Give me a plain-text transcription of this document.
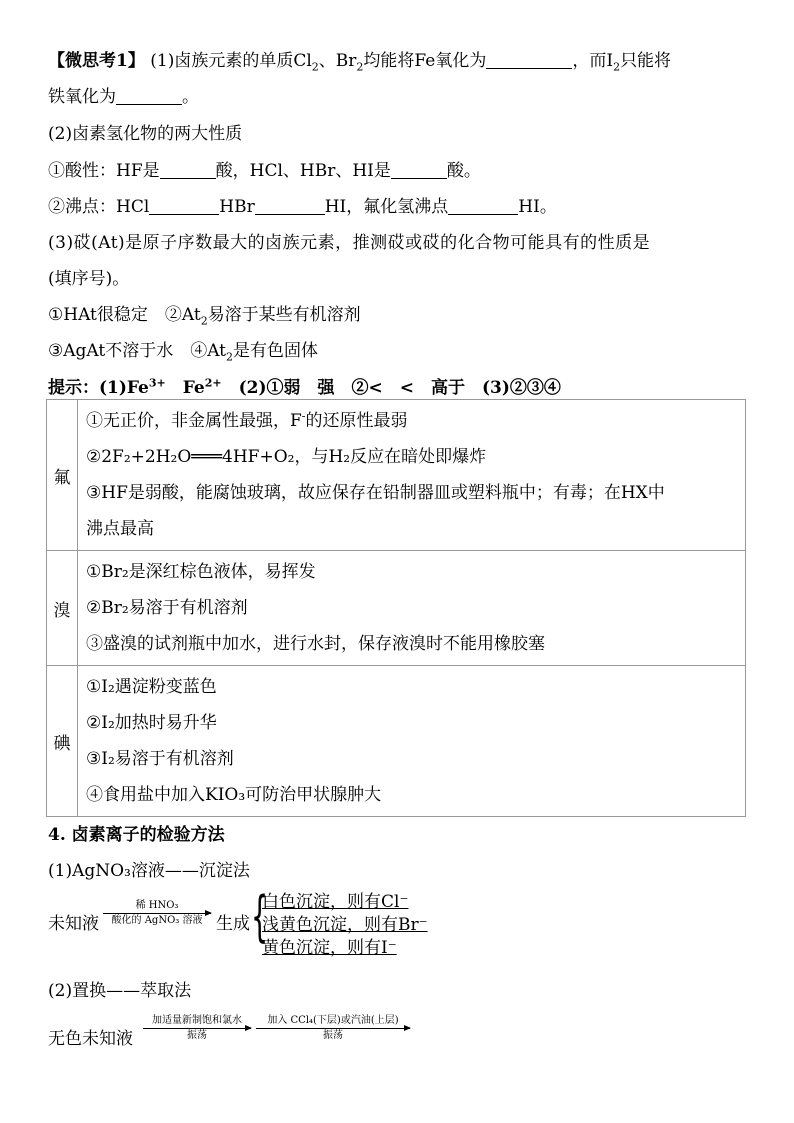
【微思考1】 (1)卤族元素的单质$Cl_2$、$Br_2$均能将Fe氧化为	，而$I_2$只能将
铁氧化为	。
(2)卤素氢化物的两大性质
①酸性：HF是	酸，HCl、HBr、HI是	酸。
②沸点：HCl	HBr	HI，氟化氢沸点	HI。
(3)砹(At)是原子序数最大的卤族元素，推测砹或砹的化合物可能具有的性质是
(填序号)。
①HAt很稳定　$②At_2$易溶于某些有机溶剂
③AgAt不溶于水　$④At_2$是有色固体
提示：$(1)Fe^{3+}$　$Fe^{2+}$　(2)①弱　强　②<　<　高于　(3)②③④
氟	①无正价，非金属性最强，F-的还原性最弱
②2F₂+2H₂O═══4HF+O₂，与H₂反应在暗处即爆炸
③HF是弱酸，能腐蚀玻璃，故应保存在铅制器皿或塑料瓶中；有毒；在HX中
沸点最高

溴	①Br₂是深红棕色液体，易挥发
②Br₂易溶于有机溶剂
③盛溴的试剂瓶中加水，进行水封，保存液溴时不能用橡胶塞

碘	①I₂遇淀粉变蓝色
②I₂加热时易升华
③I₂易溶于有机溶剂
④食用盐中加入KIO₃可防治甲状腺肿大
4. 卤素离子的检验方法
(1)AgNO₃溶液——沉淀法
未知液
稀 HNO₃
酸化的 AgNO₃ 溶液 生成 {
白色沉淀，则有Cl⁻
浅黄色沉淀，则有Br⁻
黄色沉淀，则有I⁻
(2)置换——萃取法
无色未知液
加适量新制饱和氯水
振荡
加入 CCl₄(下层)或汽油(上层)
振荡
